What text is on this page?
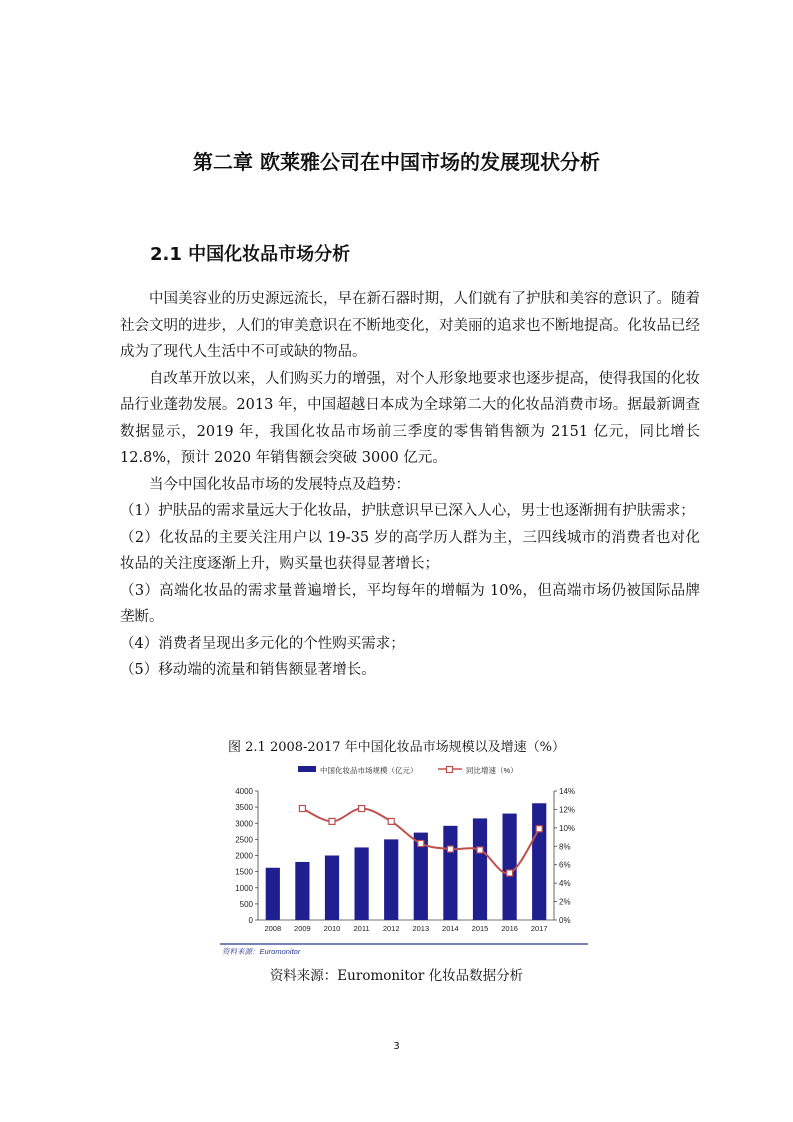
第二章 欧莱雅公司在中国市场的发展现状分析
2.1 中国化妆品市场分析

中国美容业的历史源远流长，早在新石器时期，人们就有了护肤和美容的意识了。随着社会文明的进步，人们的审美意识在不断地变化，对美丽的追求也不断地提高。化妆品已经成为了现代人生活中不可或缺的物品。

自改革开放以来，人们购买力的增强，对个人形象地要求也逐步提高，使得我国的化妆品行业蓬勃发展。2013 年，中国超越日本成为全球第二大的化妆品消费市场。据最新调查数据显示，2019 年，我国化妆品市场前三季度的零售销售额为 2151 亿元，同比增长 12.8%，预计 2020 年销售额会突破 3000 亿元。

当今中国化妆品市场的发展特点及趋势：

（1）护肤品的需求量远大于化妆品，护肤意识早已深入人心，男士也逐渐拥有护肤需求；

（2）化妆品的主要关注用户以 19-35 岁的高学历人群为主，三四线城市的消费者也对化妆品的关注度逐渐上升，购买量也获得显著增长；

（3）高端化妆品的需求量普遍增长，平均每年的增幅为 10%，但高端市场仍被国际品牌垄断。

（4）消费者呈现出多元化的个性购买需求；

（5）移动端的流量和销售额显著增长。

图 2.1 2008-2017 年中国化妆品市场规模以及增速（%）
中国化妆品市场规模（亿元）	同比增速（%）
0
500
1000
1500
2000
2500
3000
3500
4000
0%
2%
4%
6%
8%
10%
12%
14%
2008 2009 2010 2011 2012 2013 2014 2015 2016 2017
资料来源：Euromonitor
资料来源：Euromonitor 化妆品数据分析
3
